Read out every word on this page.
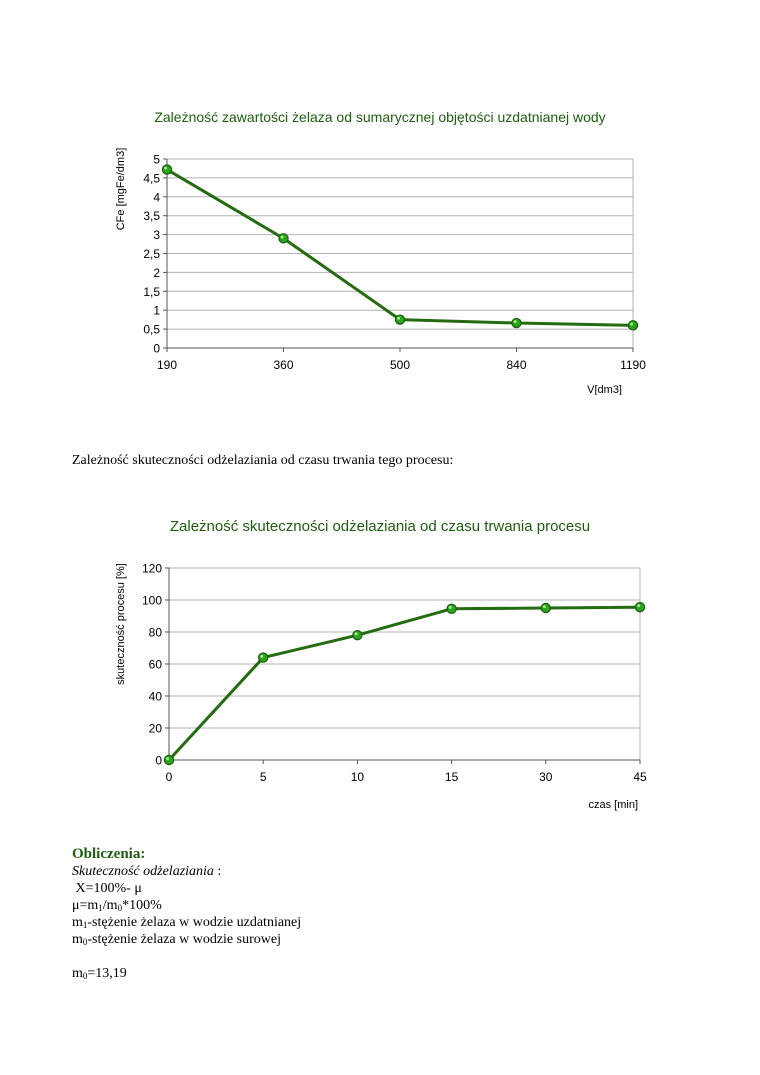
Zależność zawartości żelaza od sumarycznej objętości uzdatnianej wody
0
0,5
1
1,5
2
2,5
3
3,5
4
4,5
5
190	360	500	840	1190
CFe [mgFe/dm3]
V[dm3]
Zależność skuteczności odżelaziania od czasu trwania tego procesu:
Zależność skuteczności odżelaziania od czasu trwania procesu
0
20
40
60
80
100
120
0	5	10	15	30	45
skuteczność procesu [%]
czas [min]
Obliczenia:
Skuteczność odżelaziania :
X=100%- μ
$\mu=m_1/m_0*100\%$
$m_1$-stężenie żelaza w wodzie uzdatnianej
$m_0$-stężenie żelaza w wodzie surowej
$m_0=13,19$
